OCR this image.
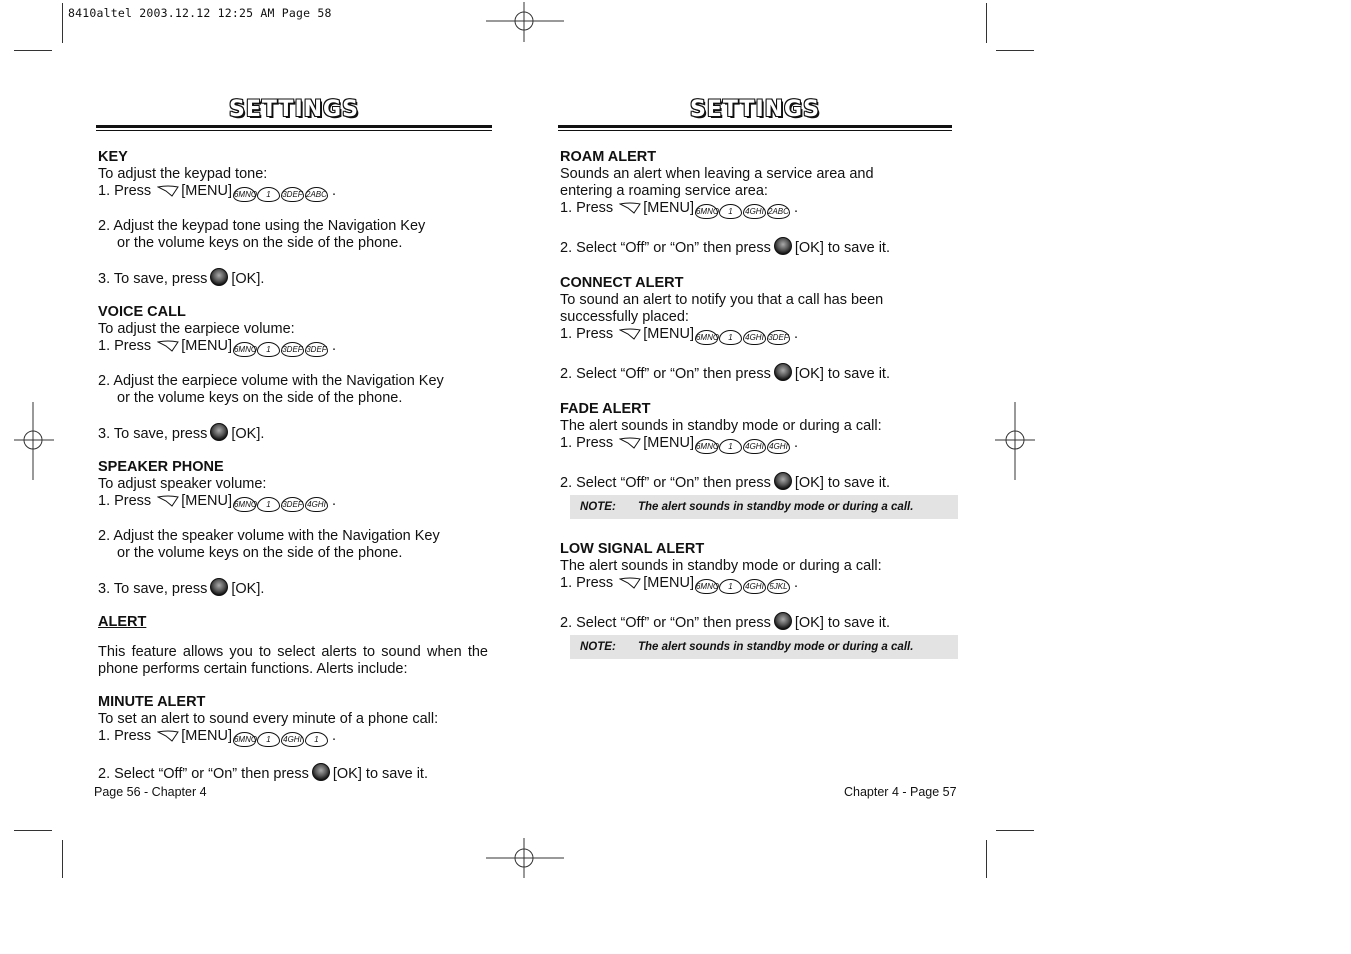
8410altel 2003.12.12 12:25 AM Page 58
SETTINGS
KEY
To adjust the keypad tone:
1. Press [MENU] 6MNO 1 3DEF 2ABC .
2. Adjust the keypad tone using the Navigation Key
or the volume keys on the side of the phone.
3. To save, press [OK].
VOICE CALL
To adjust the earpiece volume:
1. Press [MENU] 6MNO 1 3DEF 3DEF .
2. Adjust the earpiece volume with the Navigation Key
or the volume keys on the side of the phone.
3. To save, press [OK].
SPEAKER PHONE
To adjust speaker volume:
1. Press [MENU] 6MNO 1 3DEF 4GHI .
2. Adjust the speaker volume with the Navigation Key
or the volume keys on the side of the phone.
3. To save, press [OK].
ALERT
This feature allows you to select alerts to sound when the phone performs certain functions. Alerts include:
MINUTE ALERT
To set an alert to sound every minute of a phone call:
1. Press [MENU] 6MNO 1 4GHI 1 .
2. Select “Off” or “On” then press [OK] to save it.
Page 56 - Chapter 4
SETTINGS
ROAM ALERT
Sounds an alert when leaving a service area and
entering a roaming service area:
1. Press [MENU] 6MNO 1 4GHI 2ABC .
2. Select “Off” or “On” then press [OK] to save it.
CONNECT ALERT
To sound an alert to notify you that a call has been
successfully placed:
1. Press [MENU] 6MNO 1 4GHI 3DEF .
2. Select “Off” or “On” then press [OK] to save it.
FADE ALERT
The alert sounds in standby mode or during a call:
1. Press [MENU] 6MNO 1 4GHI 4GHI .
2. Select “Off” or “On” then press [OK] to save it.
NOTE: The alert sounds in standby mode or during a call.
LOW SIGNAL ALERT
The alert sounds in standby mode or during a call:
1. Press [MENU] 6MNO 1 4GHI 5JKL .
2. Select “Off” or “On” then press [OK] to save it.
NOTE: The alert sounds in standby mode or during a call.
Chapter 4 - Page 57
